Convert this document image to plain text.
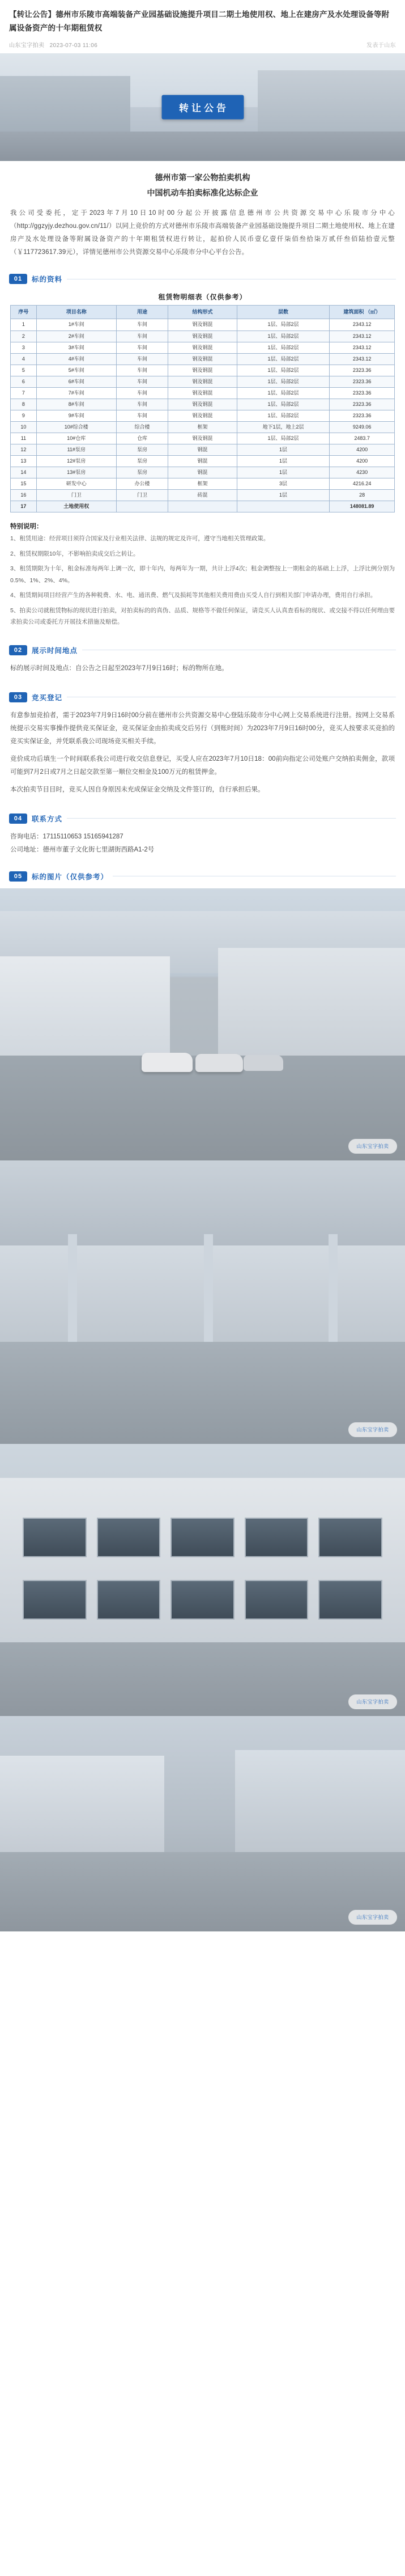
【转让公告】德州市乐陵市高端装备产业园基础设施提升项目二期土地使用权、地上在建房产及水处理设备等附属设备资产的十年期租赁权
山东宝字拍卖 2023-07-03 11:06	发表于山东
转让公告
德州市第一家公物拍卖机构
中国机动车拍卖标准化达标企业
我公司受委托，定于2023年7月10日10时00分起公开披露信息德州市公共资源交易中心乐陵市分中心（http://ggzyjy.dezhou.gov.cn/11/）以同上竞价的方式对德州市乐陵市高端装备产业园基础设施提升项目二期土地使用权、地上在建房产及水处理设备等附属设备资产的十年期租赁权进行转让，起拍价人民币壹亿壹仟柒佰叁拾柒万贰仟叁佰陆拾壹元整（￥117723617.39元），详情见德州市公共资源交易中心乐陵市分中心平台公告。
01	标的资料
租赁物明细表（仅供参考）
序号	项目名称	用途	结构形式	层数	建筑面积 （㎡）
1	1#车间	车间	钢及钢混	1层、局部2层	2343.12
2	2#车间	车间	钢及钢混	1层、局部2层	2343.12
3	3#车间	车间	钢及钢混	1层、局部2层	2343.12
4	4#车间	车间	钢及钢混	1层、局部2层	2343.12
5	5#车间	车间	钢及钢混	1层、局部2层	2323.36
6	6#车间	车间	钢及钢混	1层、局部2层	2323.36
7	7#车间	车间	钢及钢混	1层、局部2层	2323.36
8	8#车间	车间	钢及钢混	1层、局部2层	2323.36
9	9#车间	车间	钢及钢混	1层、局部2层	2323.36
10	10#综合楼	综合楼	框架	地下1层，地上2层	9249.06
11	10#仓库	仓库	钢及钢混	1层、局部2层	2483.7
12	11#泵房	泵房	钢混	1层	4200
13	12#泵房	泵房	钢混	1层	4200
14	13#泵房	泵房	钢混	1层	4230
15	研发中心	办公楼	框架	3层	4216.24
16	门卫	门卫	砖混	1层	28
17	土地使用权				148081.89
特别说明：

1、租赁用途：经营项目须符合国家及行业相关法律、法规的规定及许可，遵守当地相关管理政策。

2、租赁权期限10年，不影响拍卖成交后之转让。

3、租赁期限为十年，租金标准每两年上调一次，即十年内，每两年为一期，共计上浮4次；租金调整按上一期租金的基础上上浮，上浮比例分别为 0.5%、1%、2%、4%。

4、租赁期间项目经营产生的各种税费、水、电、通讯费、燃气及损耗等其他相关费用费由买受人自行到相关部门申请办理，费用自行承担。

5、拍卖公司就租赁物标的现状进行拍卖，对拍卖标的的真伪、品质、规格等不做任何保证，请竞买人认真查看标的现状、或交接不得以任何理由要求拍卖公司或委托方开展技术措施及赔偿。

02	展示时间地点

标的展示时间及地点：自公告之日起至2023年7月9日16时；标的物所在地。

03	竞买登记

有意参加竞拍者，需于2023年7月9日16时00分前在德州市公共资源交易中心登陆乐陵市分中心网上交易系统进行注册。按网上交易系统提示交易实事操作提供竞买保证金，竞买保证金由拍卖成交后另行（到账时间）为2023年7月9日16时00分，竞买人按要求买竞拍的竞买实保证金，并凭联系我公司现场竞买相关手续。

竞价成功后填生一个时间联系我公司进行收交信息登记，买受人应在2023年7月10日18：00前向指定公司处账户交纳拍卖佣金，款项可能到7月2日或7月之日起交款至第一顺位交相金及100万元的租赁押金。

本次拍卖节目目时，竞买人因自身原因未充成保证金交纳及文件签订的，自行承担后果。

04	联系方式
咨询电话：17115110653 15165941287
公司地址：德州市董子文化街七里湖街西路A1-2号
05	标的图片（仅供参考）
山东宝字拍卖
山东宝字拍卖
山东宝字拍卖
山东宝字拍卖
